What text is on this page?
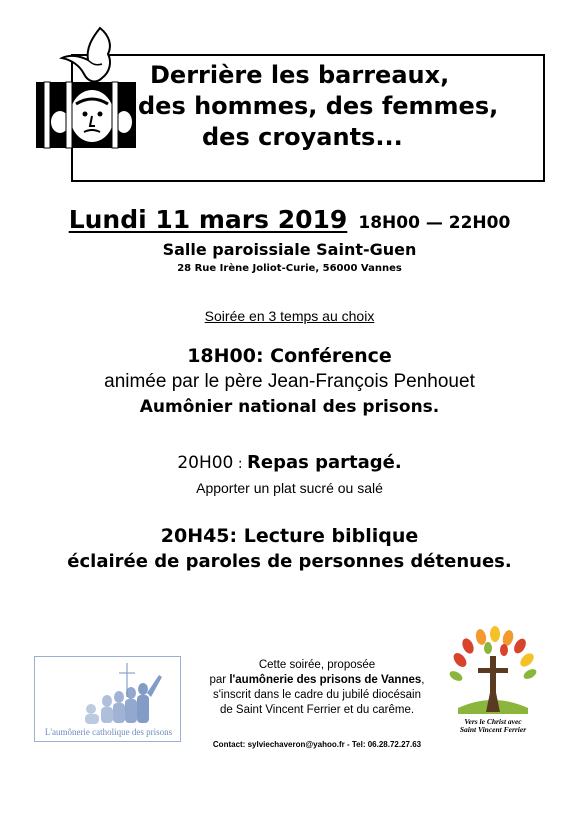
Derrière les barreaux,
des hommes, des femmes,
des croyants...
Lundi 11 mars 2019 18H00 — 22H00
Salle paroissiale Saint-Guen
28 Rue Irène Joliot-Curie, 56000 Vannes
Soirée en 3 temps au choix
18H00: Conférence
animée par le père Jean-François Penhouet
Aumônier national des prisons.
20H00 : Repas partagé.
Apporter un plat sucré ou salé
20H45: Lecture biblique
éclairée de paroles de personnes détenues.
L'aumônerie catholique des prisons
Cette soirée, proposée
par l'aumônerie des prisons de Vannes,
s'inscrit dans le cadre du jubilé diocésain
de Saint Vincent Ferrier et du carême.
Vers le Christ avec
Saint Vincent Ferrier
Contact: sylviechaveron@yahoo.fr - Tel: 06.28.72.27.63
